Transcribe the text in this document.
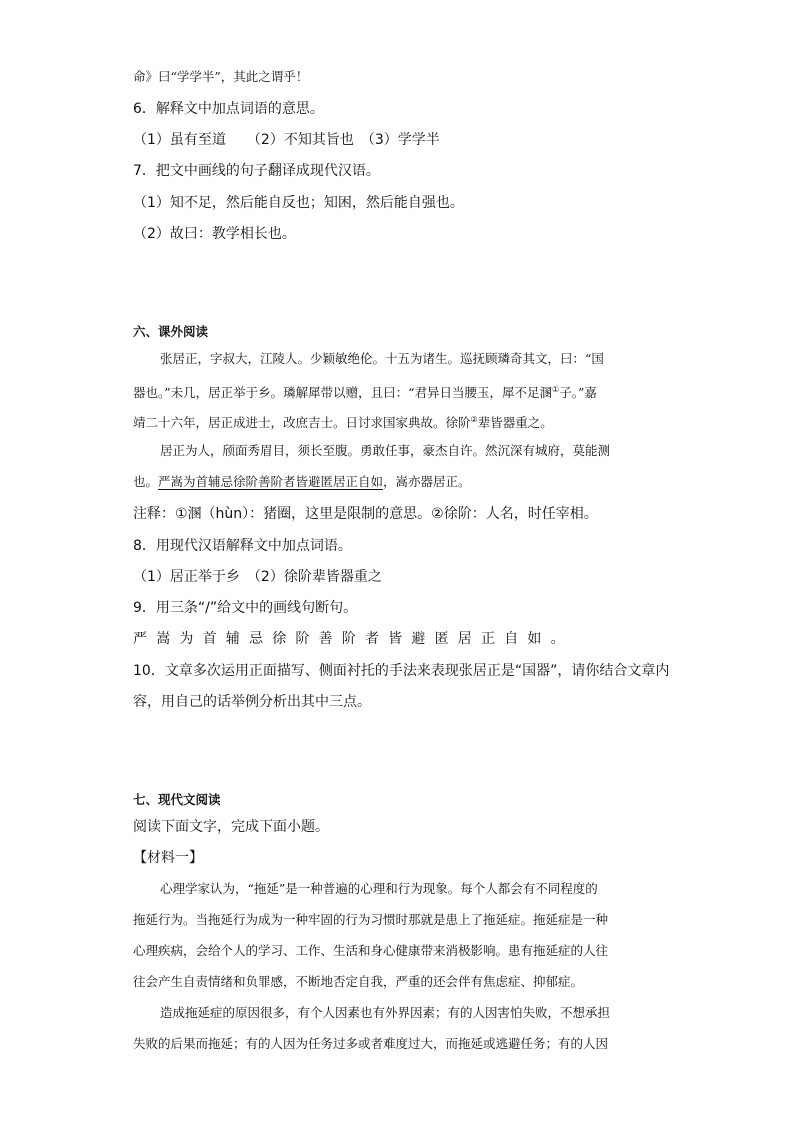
命》曰“学学半”，其此之谓乎！
6．解释文中加点词语的意思。
（1）虽有至道　　（2）不知其旨也　（3）学学半
7．把文中画线的句子翻译成现代汉语。
（1）知不足，然后能自反也；知困，然后能自强也。
（2）故曰：教学相长也。
六、课外阅读
张居正，字叔大，江陵人。少颖敏绝伦。十五为诸生。巡抚顾璘奇其文，曰：“国
器也。”未几，居正举于乡。璘解犀带以赠，且曰：“君异日当腰玉，犀不足溷①子。”嘉
靖二十六年，居正成进士，改庶吉士。日讨求国家典故。徐阶②辈皆器重之。
居正为人，颀面秀眉目，须长至腹。勇敢任事，豪杰自许。然沉深有城府，莫能测
也。严嵩为首辅忌徐阶善阶者皆避匿居正自如，嵩亦器居正。
注释：①溷（hùn）：猪圈，这里是限制的意思。②徐阶：人名，时任宰相。
8．用现代汉语解释文中加点词语。
（1）居正举于乡　（2）徐阶辈皆器重之
9．用三条“/”给文中的画线句断句。
严嵩为首辅忌徐阶善阶者皆避匿居正自如。
10．文章多次运用正面描写、侧面衬托的手法来表现张居正是“国器”，请你结合文章内
容，用自己的话举例分析出其中三点。
七、现代文阅读
阅读下面文字，完成下面小题。
【材料一】
心理学家认为，“拖延”是一种普遍的心理和行为现象。每个人都会有不同程度的
拖延行为。当拖延行为成为一种牢固的行为习惯时那就是患上了拖延症。拖延症是一种
心理疾病，会给个人的学习、工作、生活和身心健康带来消极影响。患有拖延症的人往
往会产生自责情绪和负罪感，不断地否定自我，严重的还会伴有焦虑症、抑郁症。
造成拖延症的原因很多，有个人因素也有外界因素；有的人因害怕失败，不想承担
失败的后果而拖延；有的人因为任务过多或者难度过大，而拖延或逃避任务；有的人因
